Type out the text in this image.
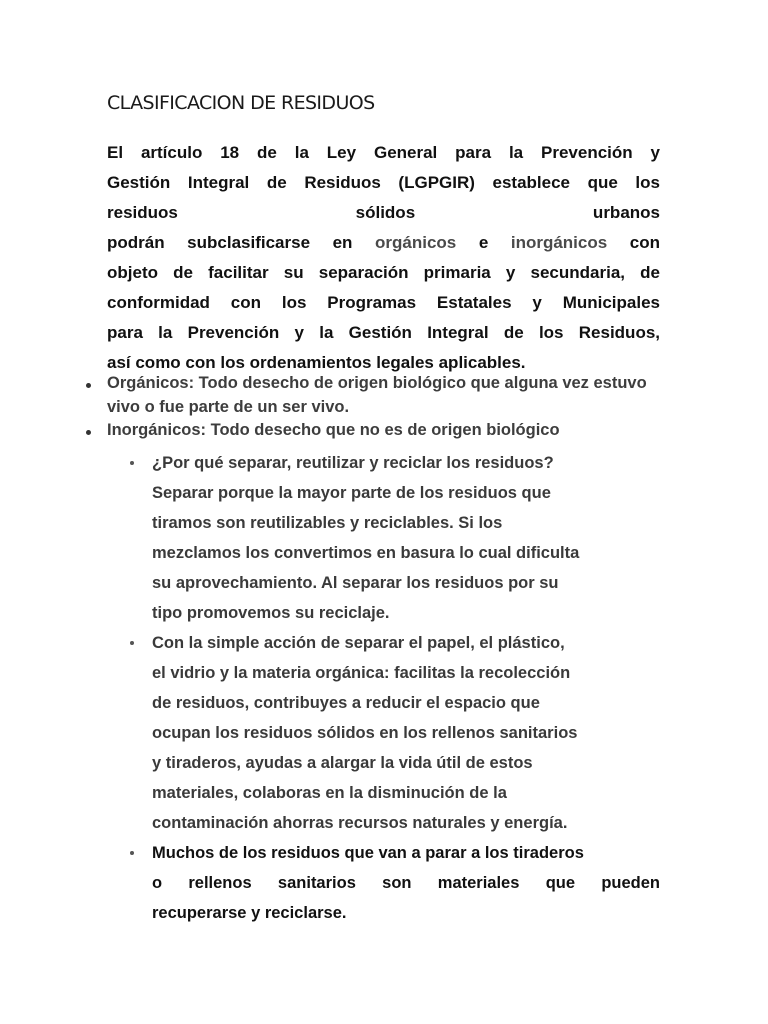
CLASIFICACION DE RESIDUOS
El artículo 18 de la Ley General para la Prevención y
Gestión Integral de Residuos (LGPGIR) establece que los
residuos sólidos urbanos
podrán subclasificarse en orgánicos e inorgánicos con
objeto de facilitar su separación primaria y secundaria, de
conformidad con los Programas Estatales y Municipales
para la Prevención y la Gestión Integral de los Residuos,
así como con los ordenamientos legales aplicables.
Orgánicos: Todo desecho de origen biológico que alguna vez estuvo vivo o fue parte de un ser vivo.
Inorgánicos: Todo desecho que no es de origen biológico
¿Por qué separar, reutilizar y reciclar los residuos?
Separar porque la mayor parte de los residuos que
tiramos son reutilizables y reciclables. Si los
mezclamos los convertimos en basura lo cual dificulta
su aprovechamiento. Al separar los residuos por su
tipo promovemos su reciclaje.
Con la simple acción de separar el papel, el plástico,
el vidrio y la materia orgánica: facilitas la recolección
de residuos, contribuyes a reducir el espacio que
ocupan los residuos sólidos en los rellenos sanitarios
y tiraderos, ayudas a alargar la vida útil de estos
materiales, colaboras en la disminución de la
contaminación ahorras recursos naturales y energía.
Muchos de los residuos que van a parar a los tiraderos
o rellenos sanitarios son materiales que pueden
recuperarse y reciclarse.
